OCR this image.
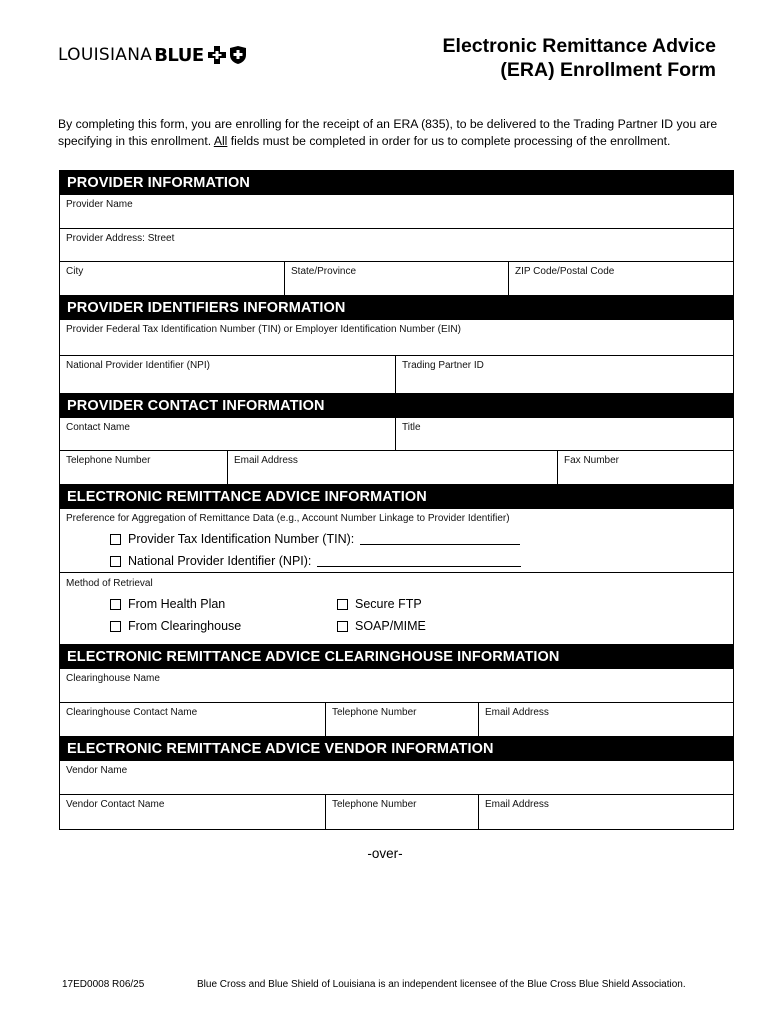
LOUISIANA BLUE	Electronic Remittance Advice
(ERA) Enrollment Form
By completing this form, you are enrolling for the receipt of an ERA (835), to be delivered to the Trading Partner ID you are specifying in this enrollment. All fields must be completed in order for us to complete processing of the enrollment.
PROVIDER INFORMATION
Provider Name
Provider Address: Street
City	State/Province	ZIP Code/Postal Code
PROVIDER IDENTIFIERS INFORMATION
Provider Federal Tax Identification Number (TIN) or Employer Identification Number (EIN)
National Provider Identifier (NPI)	Trading Partner ID
PROVIDER CONTACT INFORMATION
Contact Name	Title
Telephone Number	Email Address	Fax Number
ELECTRONIC REMITTANCE ADVICE INFORMATION
Preference for Aggregation of Remittance Data (e.g., Account Number Linkage to Provider Identifier)
Provider Tax Identification Number (TIN):
National Provider Identifier (NPI):
Method of Retrieval
From Health Plan
From Clearinghouse
Secure FTP
SOAP/MIME
ELECTRONIC REMITTANCE ADVICE CLEARINGHOUSE INFORMATION
Clearinghouse Name
Clearinghouse Contact Name	Telephone Number	Email Address
ELECTRONIC REMITTANCE ADVICE VENDOR INFORMATION
Vendor Name
Vendor Contact Name	Telephone Number	Email Address
-over-
17ED0008 R06/25	Blue Cross and Blue Shield of Louisiana is an independent licensee of the Blue Cross Blue Shield Association.
